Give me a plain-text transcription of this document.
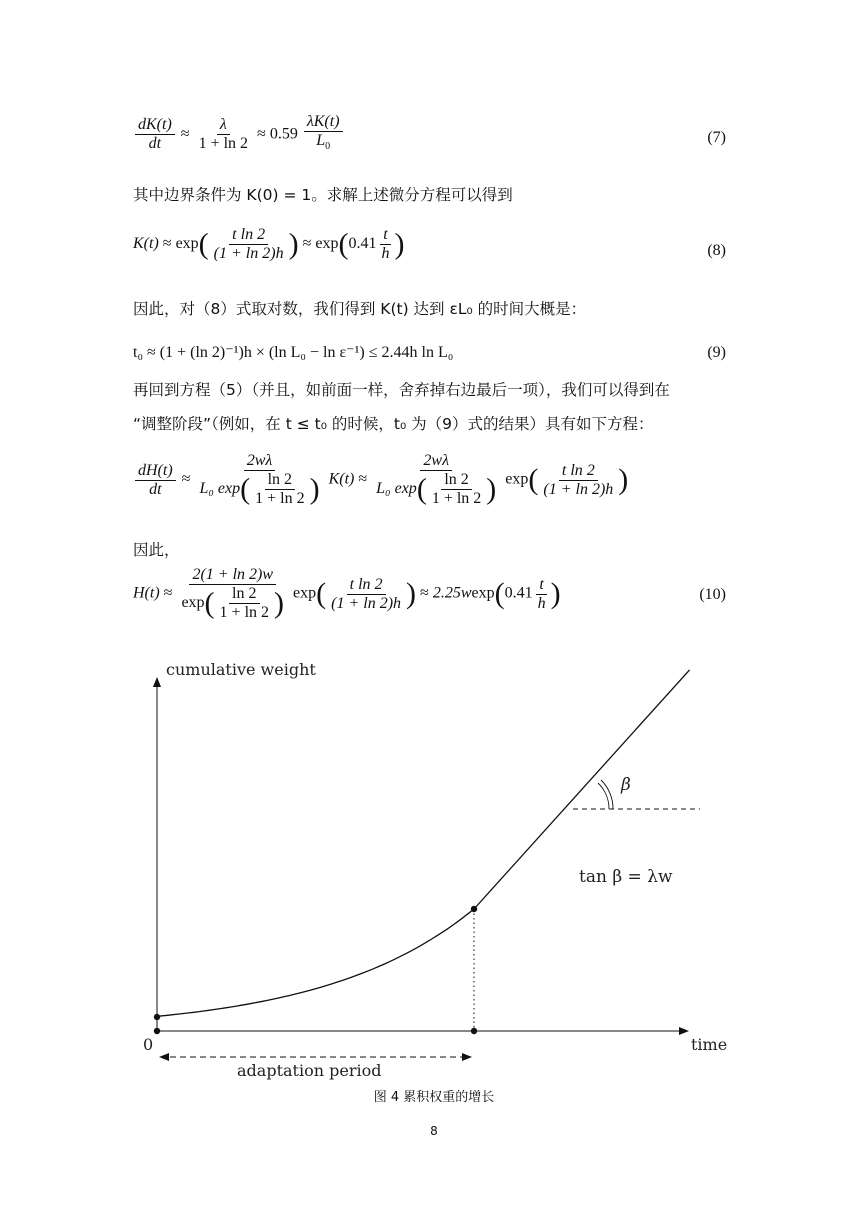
$\frac{dK(t)}{dt} \approx \frac{\lambda}{1 + \ln 2} \approx 0.59 \frac{\lambda K(t)}{L_0}$	(7)
其中边界条件为 K(0) = 1。求解上述微分方程可以得到
$K(t) \approx \exp( \frac{\text{t ln 2}}{(1 + \ln 2)h}$ ) ≈ $\exp(0.41 \frac{t}{h}$ )	(8)
因此，对（8）式取对数，我们得到 K(t) 达到 εL₀ 的时间大概是：
t₀ ≈ (1 + (ln 2)⁻¹)h × (ln L₀ − ln ε⁻¹) ≤ 2.44h ln L₀	(9)
再回到方程（5）（并且，如前面一样，舍弃掉右边最后一项），我们可以得到在
“调整阶段”（例如，在 t ≤ t₀ 的时候，t₀ 为（9）式的结果）具有如下方程：
$\frac{dH(t)}{dt} \approx \frac{2w\lambda}{L_0 \exp( \frac{\ln 2}{1 + \ln 2} )} K(t) \approx \frac{2w\lambda}{L_0 \exp( \frac{\ln 2}{1 + \ln 2} )} \exp( \frac{\text{t ln 2}}{(1 + \ln 2)h}$ )
因此，
$H(t) \approx \frac{2(1 + \ln 2)w}{\exp( \frac{\ln 2}{1 + \ln 2} )} \exp( \frac{\text{t ln 2}}{(1 + \ln 2)h}$ ) ≈ $2.25wexp(0.41 \frac{t}{h}$ )	(10)
cumulative weight
time
0
β
tan β = λw
adaptation period
图 4 累积权重的增长
8
